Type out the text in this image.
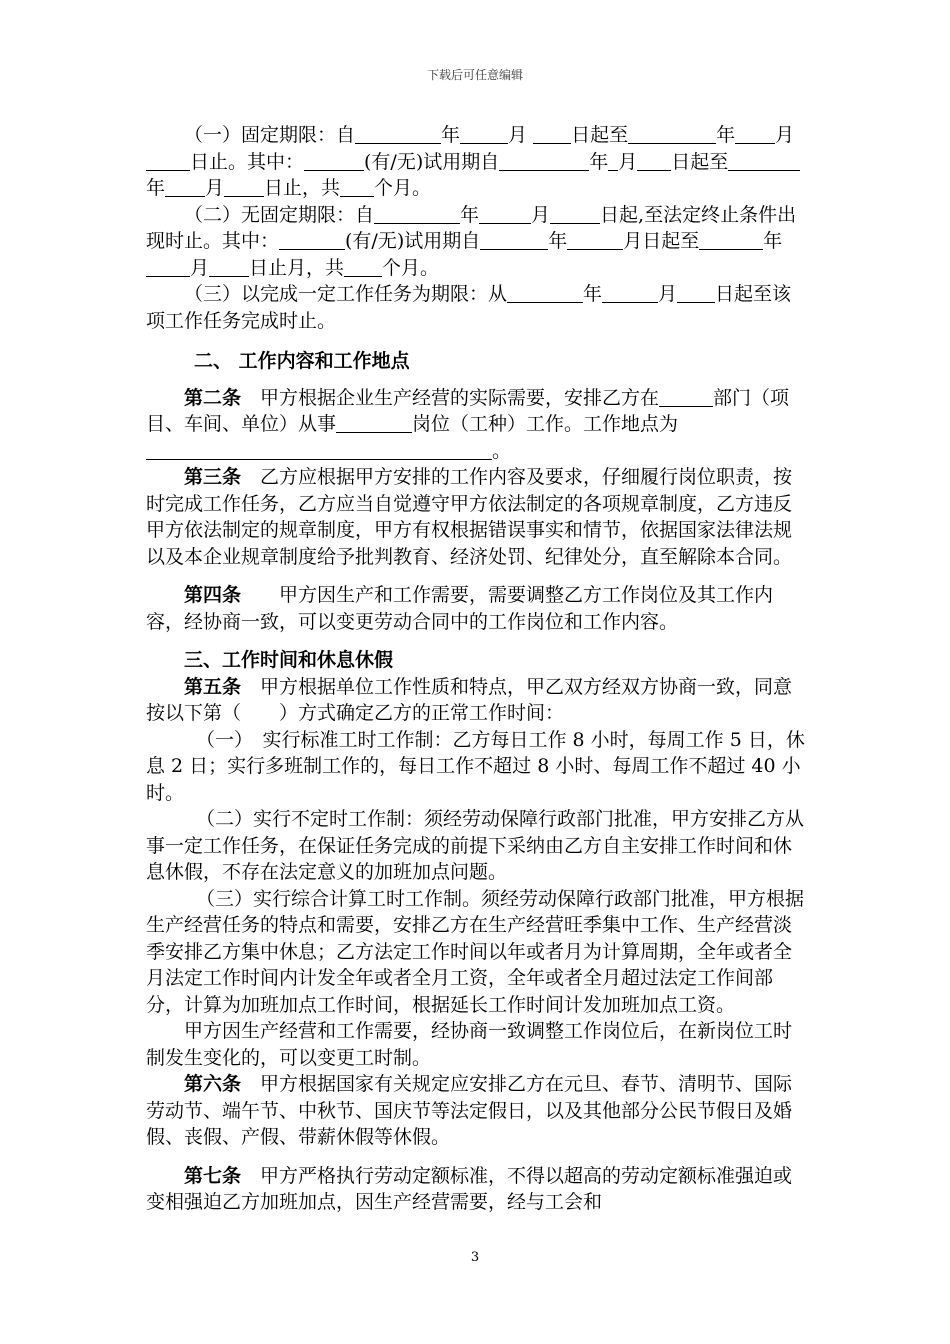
下载后可任意编辑

（一）固定期限：自	年	月 日起至	年 月日止。其中：	(有/无)试用期自	年 月 日起至年 月 日止，共 个月。

（二）无固定期限：自	年	月	日起,至法定终止条件出现时止。其中：	(有/无)试用期自	年	月日起至	年月 日止月，共 个月。

（三）以完成一定工作任务为期限：从	年	月 日起至该项工作任务完成时止。

二、 工作内容和工作地点

第二条　甲方根据企业生产经营的实际需要，安排乙方在	部门（项目、车间、单位）从事	岗位（工种）工作。工作地点为。

第三条　乙方应根据甲方安排的工作内容及要求，仔细履行岗位职责，按时完成工作任务，乙方应当自觉遵守甲方依法制定的各项规章制度，乙方违反甲方依法制定的规章制度，甲方有权根据错误事实和情节，依据国家法律法规以及本企业规章制度给予批判教育、经济处罚、纪律处分，直至解除本合同。

第四条　　甲方因生产和工作需要，需要调整乙方工作岗位及其工作内容，经协商一致，可以变更劳动合同中的工作岗位和工作内容。

三、工作时间和休息休假

第五条　甲方根据单位工作性质和特点，甲乙双方经双方协商一致，同意按以下第（　　）方式确定乙方的正常工作时间：

（一）　实行标准工时工作制：乙方每日工作 8 小时，每周工作 5 日，休息 2 日；实行多班制工作的，每日工作不超过 8 小时、每周工作不超过 40 小时。

（二）实行不定时工作制：须经劳动保障行政部门批准，甲方安排乙方从事一定工作任务，在保证任务完成的前提下采纳由乙方自主安排工作时间和休息休假，不存在法定意义的加班加点问题。

（三）实行综合计算工时工作制。须经劳动保障行政部门批准，甲方根据生产经营任务的特点和需要，安排乙方在生产经营旺季集中工作、生产经营淡季安排乙方集中休息；乙方法定工作时间以年或者月为计算周期，全年或者全月法定工作时间内计发全年或者全月工资，全年或者全月超过法定工作间部分，计算为加班加点工作时间，根据延长工作时间计发加班加点工资。

甲方因生产经营和工作需要，经协商一致调整工作岗位后，在新岗位工时制发生变化的，可以变更工时制。

第六条　甲方根据国家有关规定应安排乙方在元旦、春节、清明节、国际劳动节、端午节、中秋节、国庆节等法定假日，以及其他部分公民节假日及婚假、丧假、产假、带薪休假等休假。

第七条　甲方严格执行劳动定额标准，不得以超高的劳动定额标准强迫或变相强迫乙方加班加点，因生产经营需要，经与工会和

3
